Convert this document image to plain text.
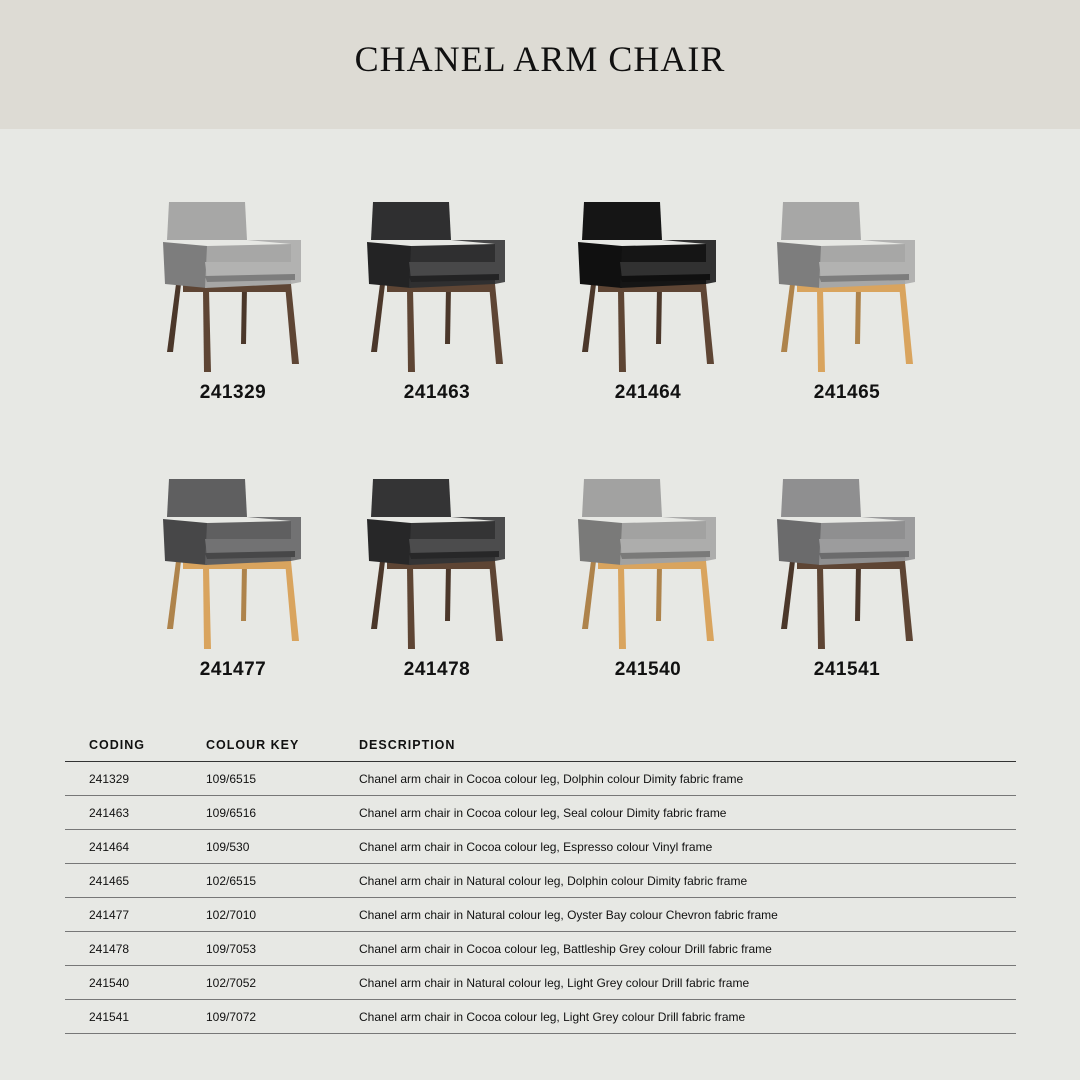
CHANEL ARM CHAIR
241329	241463	241464	241465
241477	241478	241540	241541
CODING	COLOUR KEY	DESCRIPTION
241329	109/6515	Chanel arm chair in Cocoa colour leg, Dolphin colour Dimity fabric frame
241463	109/6516	Chanel arm chair in Cocoa colour leg, Seal colour Dimity fabric frame
241464	109/530	Chanel arm chair in Cocoa colour leg, Espresso colour Vinyl frame
241465	102/6515	Chanel arm chair in Natural colour leg, Dolphin colour Dimity fabric frame
241477	102/7010	Chanel arm chair in Natural colour leg, Oyster Bay colour Chevron fabric frame
241478	109/7053	Chanel arm chair in Cocoa colour leg, Battleship Grey colour Drill fabric frame
241540	102/7052	Chanel arm chair in Natural colour leg, Light Grey colour Drill fabric frame
241541	109/7072	Chanel arm chair in Cocoa colour leg, Light Grey colour Drill fabric frame
